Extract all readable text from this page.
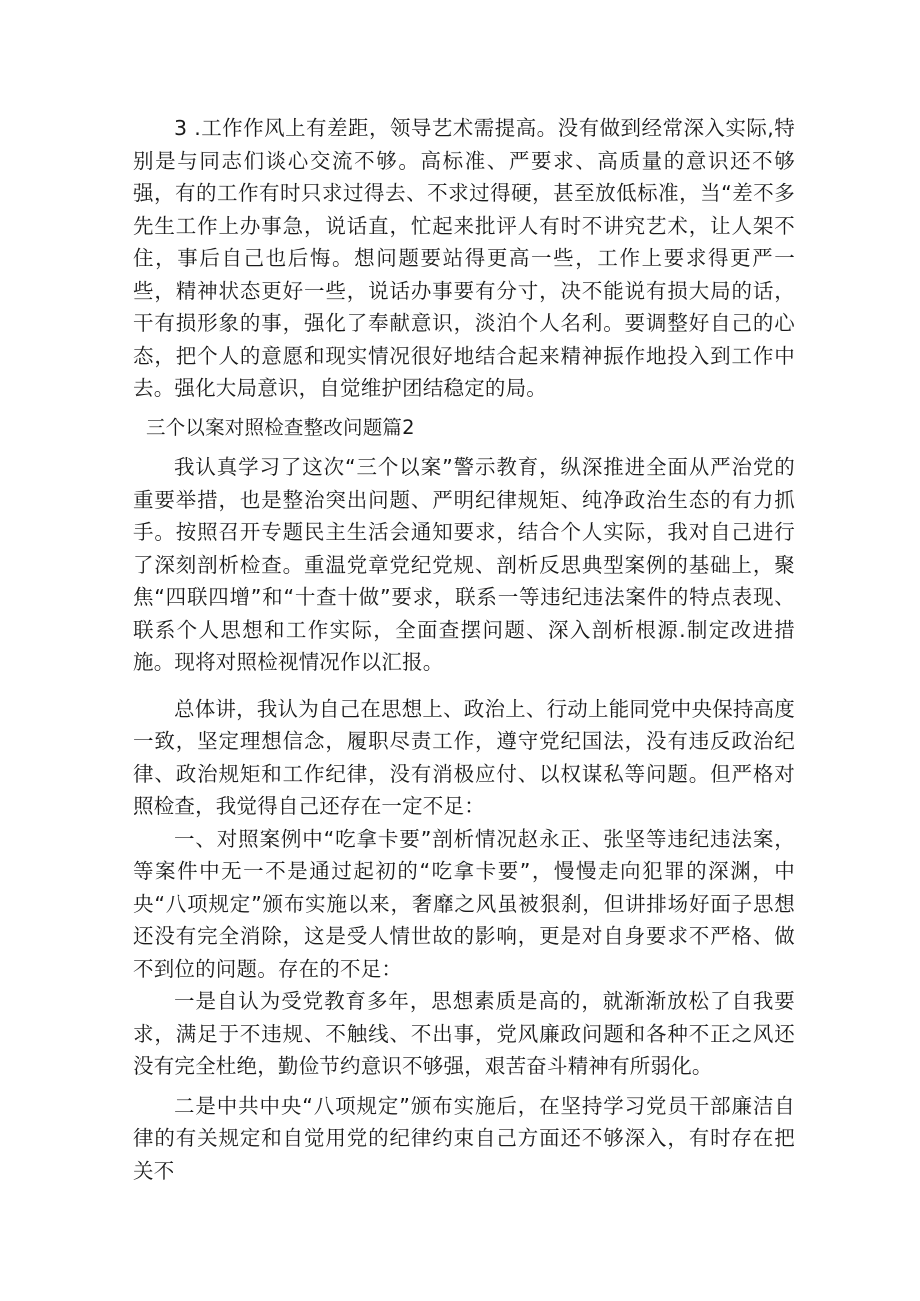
3 .工作作风上有差距，领导艺术需提高。没有做到经常深入实际,特别是与同志们谈心交流不够。高标准、严要求、高质量的意识还不够强，有的工作有时只求过得去、不求过得硬，甚至放低标准，当“差不多先生工作上办事急，说话直，忙起来批评人有时不讲究艺术，让人架不住，事后自己也后悔。想问题要站得更高一些，工作上要求得更严一些，精神状态更好一些，说话办事要有分寸，决不能说有损大局的话，干有损形象的事，强化了奉献意识，淡泊个人名利。要调整好自己的心态，把个人的意愿和现实情况很好地结合起来精神振作地投入到工作中去。强化大局意识，自觉维护团结稳定的局。

三个以案对照检查整改问题篇2

我认真学习了这次“三个以案”警示教育，纵深推进全面从严治党的重要举措，也是整治突出问题、严明纪律规矩、纯净政治生态的有力抓手。按照召开专题民主生活会通知要求，结合个人实际，我对自己进行了深刻剖析检查。重温党章党纪党规、剖析反思典型案例的基础上，聚焦“四联四增”和“十查十做”要求，联系一等违纪违法案件的特点表现、联系个人思想和工作实际，全面查摆问题、深入剖析根源.制定改进措施。现将对照检视情况作以汇报。

总体讲，我认为自己在思想上、政治上、行动上能同党中央保持高度一致，坚定理想信念，履职尽责工作，遵守党纪国法，没有违反政治纪律、政治规矩和工作纪律，没有消极应付、以权谋私等问题。但严格对照检查，我觉得自己还存在一定不足：

一、对照案例中“吃拿卡要”剖析情况赵永正、张坚等违纪违法案，等案件中无一不是通过起初的“吃拿卡要”，慢慢走向犯罪的深渊，中央“八项规定”颁布实施以来，奢靡之风虽被狠刹，但讲排场好面子思想还没有完全消除，这是受人情世故的影响，更是对自身要求不严格、做不到位的问题。存在的不足：

一是自认为受党教育多年，思想素质是高的，就渐渐放松了自我要求，满足于不违规、不触线、不出事，党风廉政问题和各种不正之风还没有完全杜绝，勤俭节约意识不够强，艰苦奋斗精神有所弱化。

二是中共中央“八项规定”颁布实施后，在坚持学习党员干部廉洁自律的有关规定和自觉用党的纪律约束自己方面还不够深入，有时存在把关不
